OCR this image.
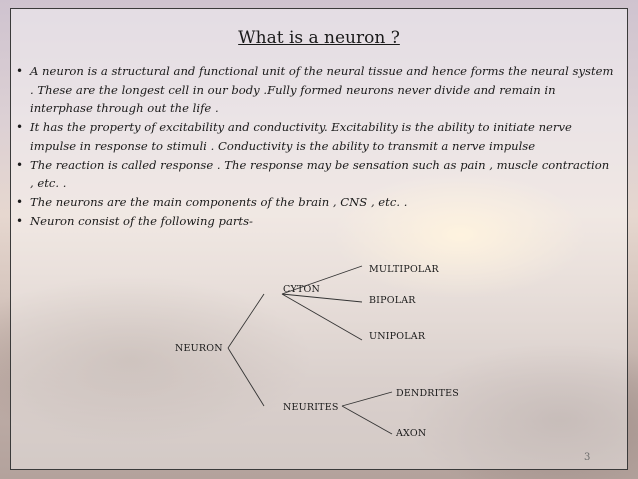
What is a neuron ?
• A neuron is a structural and functional unit of the neural tissue and hence forms the neural system . These are the longest cell in our body .Fully formed neurons never divide and remain in interphase through out the life .
• It has the property of excitability and conductivity. Excitability is the ability to initiate nerve impulse in response to stimuli . Conductivity is the ability to transmit a nerve impulse
• The reaction is called response . The response may be sensation such as pain , muscle contraction , etc. .
• The neurons are the main components of the brain , CNS , etc. .
• Neuron consist of the following parts-
NEURON
CYTON
NEURITES
MULTIPOLAR
BIPOLAR
UNIPOLAR
DENDRITES
AXON
3
